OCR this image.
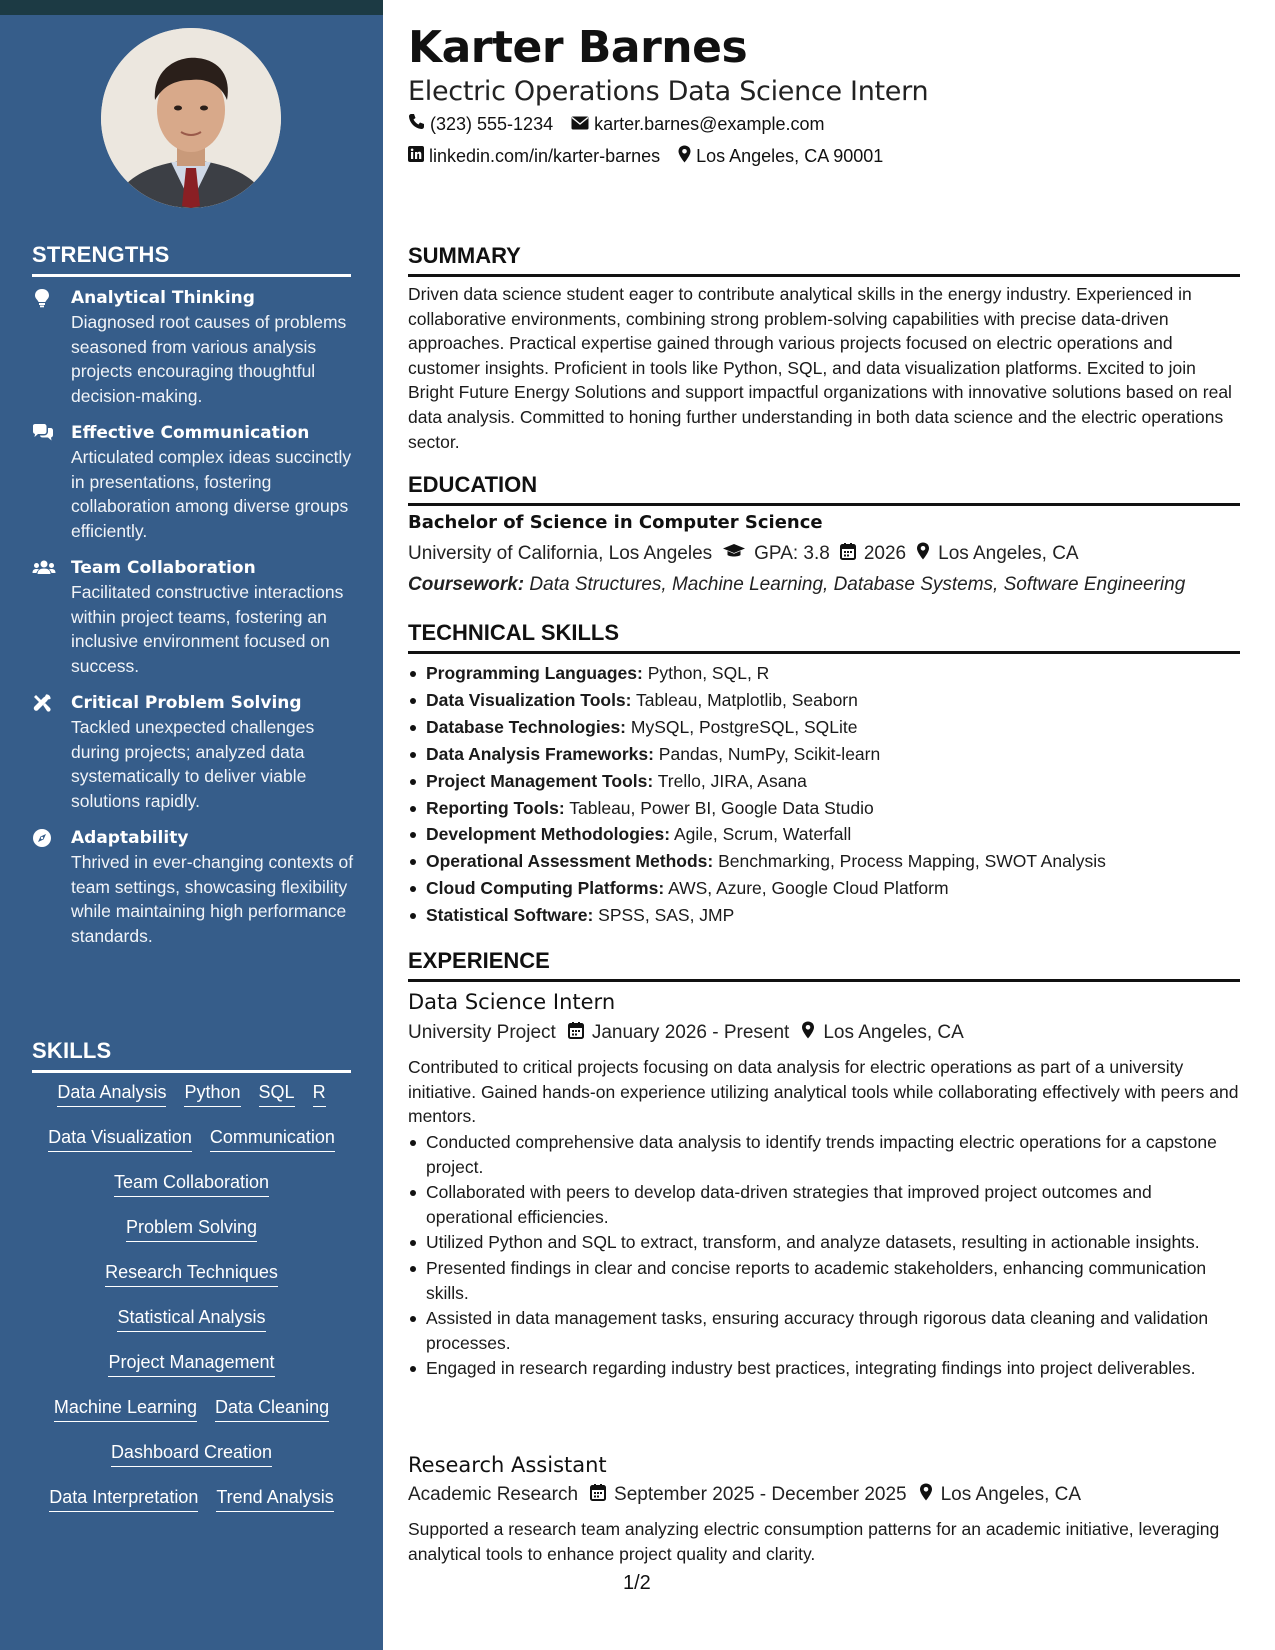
STRENGTHS
Analytical Thinking
Diagnosed root causes of problems seasoned from various analysis projects encouraging thoughtful decision-making.
Effective Communication
Articulated complex ideas succinctly in presentations, fostering collaboration among diverse groups efficiently.
Team Collaboration
Facilitated constructive interactions within project teams, fostering an inclusive environment focused on success.
Critical Problem Solving
Tackled unexpected challenges during projects; analyzed data systematically to deliver viable solutions rapidly.
Adaptability
Thrived in ever-changing contexts of team settings, showcasing flexibility while maintaining high performance standards.
SKILLS
Data Analysis Python SQL R
Data Visualization Communication
Team Collaboration
Problem Solving
Research Techniques
Statistical Analysis
Project Management
Machine Learning Data Cleaning
Dashboard Creation
Data Interpretation Trend Analysis
Karter Barnes
Electric Operations Data Science Intern
(323) 555-1234 karter.barnes@example.com
linkedin.com/in/karter-barnes Los Angeles, CA 90001
SUMMARY
Driven data science student eager to contribute analytical skills in the energy industry. Experienced in collaborative environments, combining strong problem-solving capabilities with precise data-driven approaches. Practical expertise gained through various projects focused on electric operations and customer insights. Proficient in tools like Python, SQL, and data visualization platforms. Excited to join Bright Future Energy Solutions and support impactful organizations with innovative solutions based on real data analysis. Committed to honing further understanding in both data science and the electric operations sector.
EDUCATION
Bachelor of Science in Computer Science
University of California, Los Angeles GPA: 3.8 2026 Los Angeles, CA
Coursework: Data Structures, Machine Learning, Database Systems, Software Engineering
TECHNICAL SKILLS
Programming Languages: Python, SQL, R
Data Visualization Tools: Tableau, Matplotlib, Seaborn
Database Technologies: MySQL, PostgreSQL, SQLite
Data Analysis Frameworks: Pandas, NumPy, Scikit-learn
Project Management Tools: Trello, JIRA, Asana
Reporting Tools: Tableau, Power BI, Google Data Studio
Development Methodologies: Agile, Scrum, Waterfall
Operational Assessment Methods: Benchmarking, Process Mapping, SWOT Analysis
Cloud Computing Platforms: AWS, Azure, Google Cloud Platform
Statistical Software: SPSS, SAS, JMP
EXPERIENCE
Data Science Intern
University Project January 2026 - Present Los Angeles, CA
Contributed to critical projects focusing on data analysis for electric operations as part of a university initiative. Gained hands-on experience utilizing analytical tools while collaborating effectively with peers and mentors.
Conducted comprehensive data analysis to identify trends impacting electric operations for a capstone project.
Collaborated with peers to develop data-driven strategies that improved project outcomes and operational efficiencies.
Utilized Python and SQL to extract, transform, and analyze datasets, resulting in actionable insights.
Presented findings in clear and concise reports to academic stakeholders, enhancing communication skills.
Assisted in data management tasks, ensuring accuracy through rigorous data cleaning and validation processes.
Engaged in research regarding industry best practices, integrating findings into project deliverables.
Research Assistant
Academic Research September 2025 - December 2025 Los Angeles, CA
Supported a research team analyzing electric consumption patterns for an academic initiative, leveraging analytical tools to enhance project quality and clarity.
1/2
